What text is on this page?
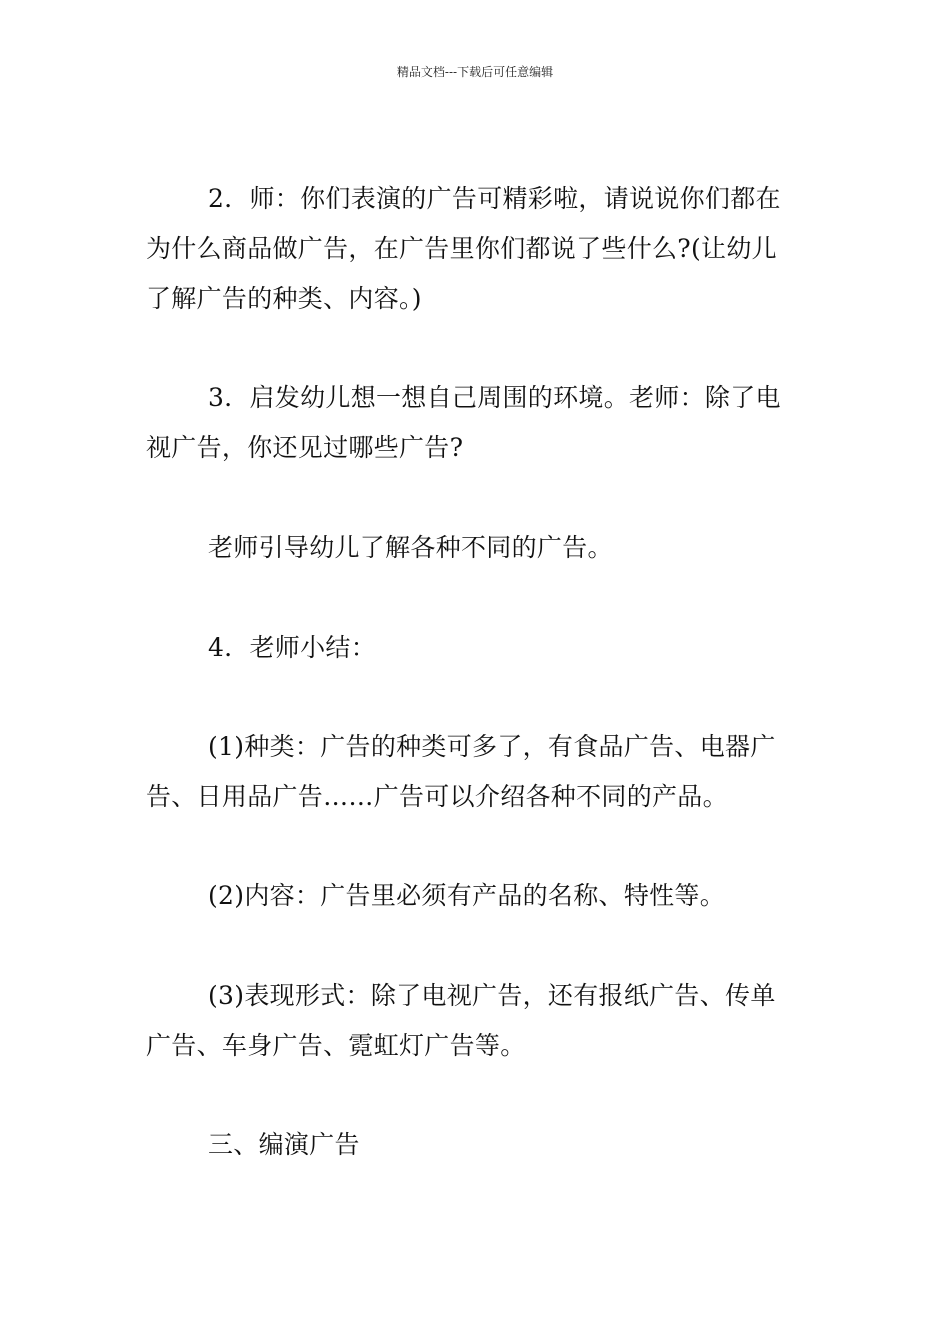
精品文档---下载后可任意编辑
2．师：你们表演的广告可精彩啦，请说说你们都在
为什么商品做广告，在广告里你们都说了些什么?(让幼儿
了解广告的种类、内容。)
3．启发幼儿想一想自己周围的环境。老师：除了电
视广告，你还见过哪些广告?
老师引导幼儿了解各种不同的广告。
4．老师小结：
(1)种类：广告的种类可多了，有食品广告、电器广
告、日用品广告……广告可以介绍各种不同的产品。
(2)内容：广告里必须有产品的名称、特性等。
(3)表现形式：除了电视广告，还有报纸广告、传单
广告、车身广告、霓虹灯广告等。
三、编演广告
